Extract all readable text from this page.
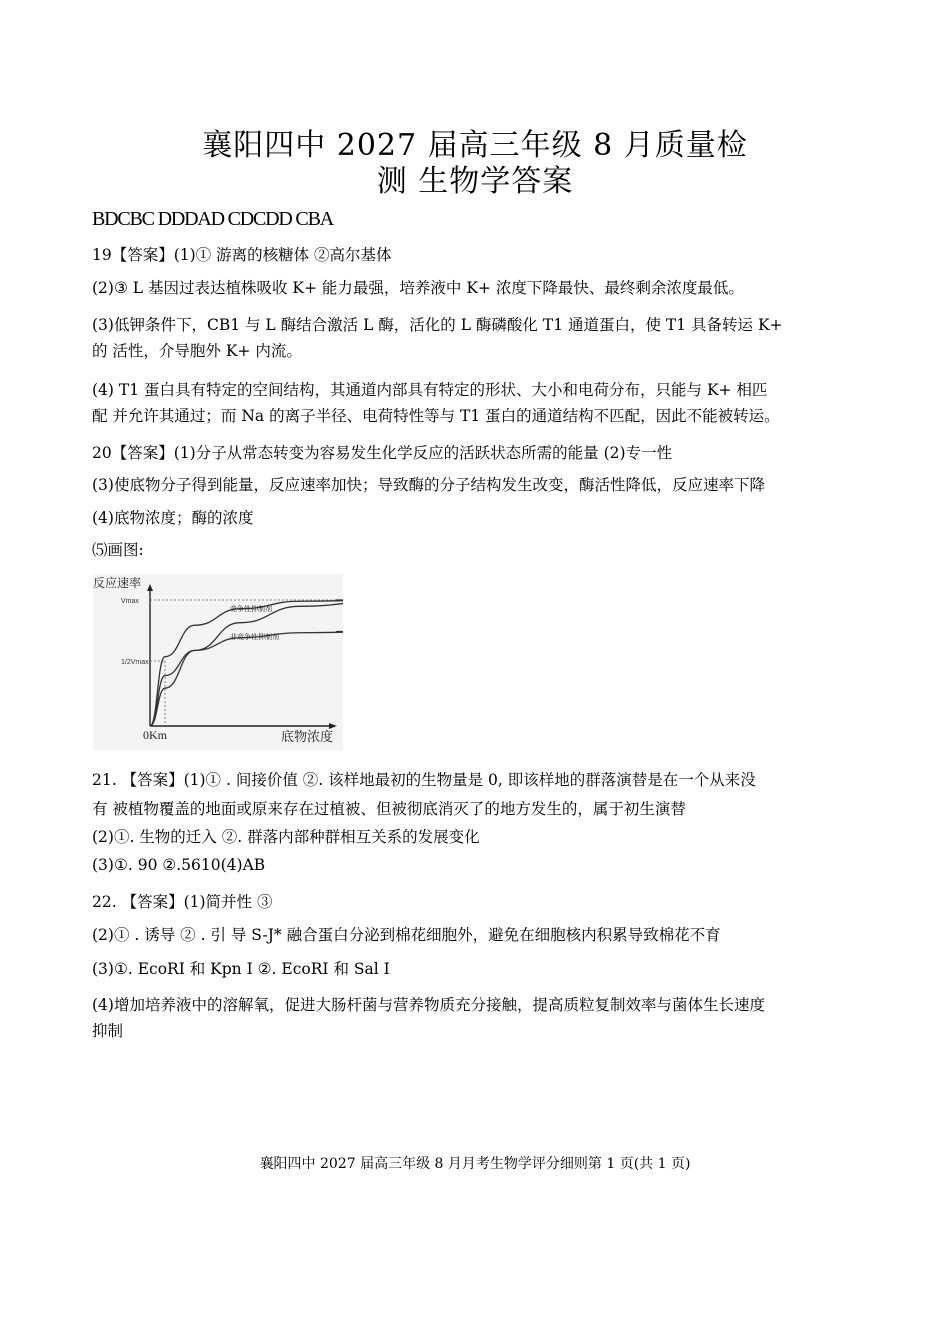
襄阳四中 2027 届高三年级 8 月质量检
测 生物学答案
BDCBC DDDAD CDCDD CBA
19【答案】(1)① 游离的核糖体 ②高尔基体
(2)③ L 基因过表达植株吸收 K+ 能力最强，培养液中 K+ 浓度下降最快、最终剩余浓度最低。
(3)低钾条件下，CB1 与 L 酶结合激活 L 酶，活化的 L 酶磷酸化 T1 通道蛋白，使 T1 具备转运 K+
的 活性，介导胞外 K+ 内流。
(4) T1 蛋白具有特定的空间结构，其通道内部具有特定的形状、大小和电荷分布，只能与 K+ 相匹
配 并允许其通过；而 Na 的离子半径、电荷特性等与 T1 蛋白的通道结构不匹配，因此不能被转运。
20【答案】(1)分子从常态转变为容易发生化学反应的活跃状态所需的能量 (2)专一性
(3)使底物分子得到能量，反应速率加快；导致酶的分子结构发生改变，酶活性降低，反应速率下降
(4)底物浓度；酶的浓度
⑸画图:
Vmax
1/2Vmax
反应速率
底物浓度
0Km
竞争性抑制剂
非竞争性抑制剂
21. 【答案】(1)① . 间接价值 ②. 该样地最初的生物量是 0, 即该样地的群落演替是在一个从来没
有 被植物覆盖的地面或原来存在过植被、但被彻底消灭了的地方发生的，属于初生演替
(2)①. 生物的迁入 ②. 群落内部种群相互关系的发展变化
(3)①. 90 ②.5610(4)AB
22. 【答案】(1)简并性 ③
(2)① . 诱导 ② . 引 导 S-J* 融合蛋白分泌到棉花细胞外，避免在细胞核内积累导致棉花不育
(3)①. EcoRI 和 Kpn I ②. EcoRI 和 Sal I
(4)增加培养液中的溶解氧，促进大肠杆菌与营养物质充分接触，提高质粒复制效率与菌体生长速度
抑制
襄阳四中 2027 届高三年级 8 月月考生物学评分细则第 1 页(共 1 页)
